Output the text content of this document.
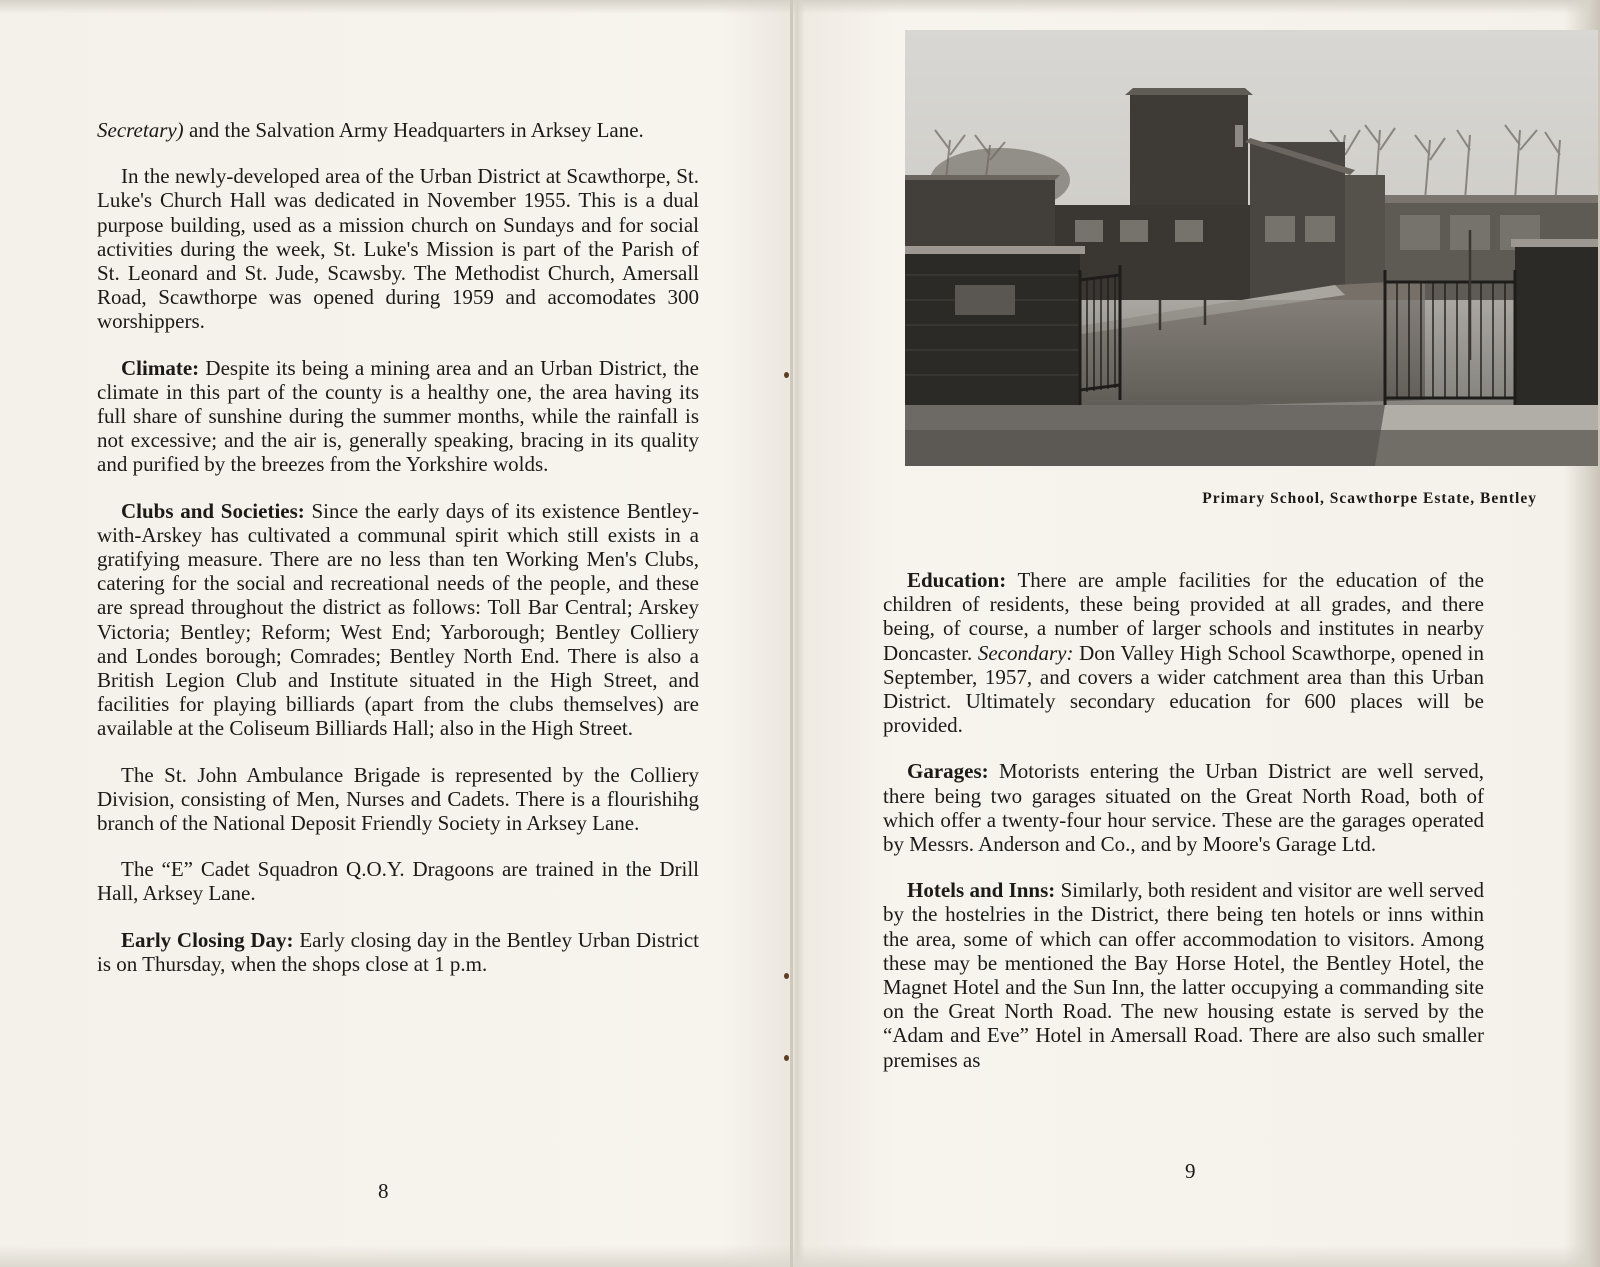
Secretary) and the Salvation Army Headquarters in Arksey Lane.

In the newly-developed area of the Urban District at Scawthorpe, St. Luke's Church Hall was dedicated in November 1955. This is a dual purpose building, used as a mission church on Sundays and for social activities during the week, St. Luke's Mission is part of the Parish of St. Leonard and St. Jude, Scawsby. The Methodist Church, Amersall Road, Scawthorpe was opened during 1959 and accomodates 300 worshippers.

Climate: Despite its being a mining area and an Urban District, the climate in this part of the county is a healthy one, the area having its full share of sunshine during the summer months, while the rainfall is not excessive; and the air is, generally speaking, bracing in its quality and purified by the breezes from the Yorkshire wolds.

Clubs and Societies: Since the early days of its existence Bentley-with-Arskey has cultivated a communal spirit which still exists in a gratifying measure. There are no less than ten Working Men's Clubs, catering for the social and recreational needs of the people, and these are spread throughout the district as follows: Toll Bar Central; Arskey Victoria; Bentley; Reform; West End; Yarborough; Bentley Colliery and Londes borough; Comrades; Bentley North End. There is also a British Legion Club and Institute situated in the High Street, and facilities for playing billiards (apart from the clubs themselves) are available at the Coliseum Billiards Hall; also in the High Street.

The St. John Ambulance Brigade is represented by the Colliery Division, consisting of Men, Nurses and Cadets. There is a flourishihg branch of the National Deposit Friendly Society in Arksey Lane.

The “E” Cadet Squadron Q.O.Y. Dragoons are trained in the Drill Hall, Arksey Lane.

Early Closing Day: Early closing day in the Bentley Urban District is on Thursday, when the shops close at 1 p.m.

8
Primary School, Scawthorpe Estate, Bentley

Education: There are ample facilities for the education of the children of residents, these being provided at all grades, and there being, of course, a number of larger schools and institutes in nearby Doncaster. Secondary: Don Valley High School Scawthorpe, opened in September, 1957, and covers a wider catchment area than this Urban District. Ultimately secondary education for 600 places will be provided.

Garages: Motorists entering the Urban District are well served, there being two garages situated on the Great North Road, both of which offer a twenty-four hour service. These are the garages operated by Messrs. Anderson and Co., and by Moore's Garage Ltd.

Hotels and Inns: Similarly, both resident and visitor are well served by the hostelries in the District, there being ten hotels or inns within the area, some of which can offer accommodation to visitors. Among these may be mentioned the Bay Horse Hotel, the Bentley Hotel, the Magnet Hotel and the Sun Inn, the latter occupying a commanding site on the Great North Road. The new housing estate is served by the “Adam and Eve” Hotel in Amersall Road. There are also such smaller premises as

9
